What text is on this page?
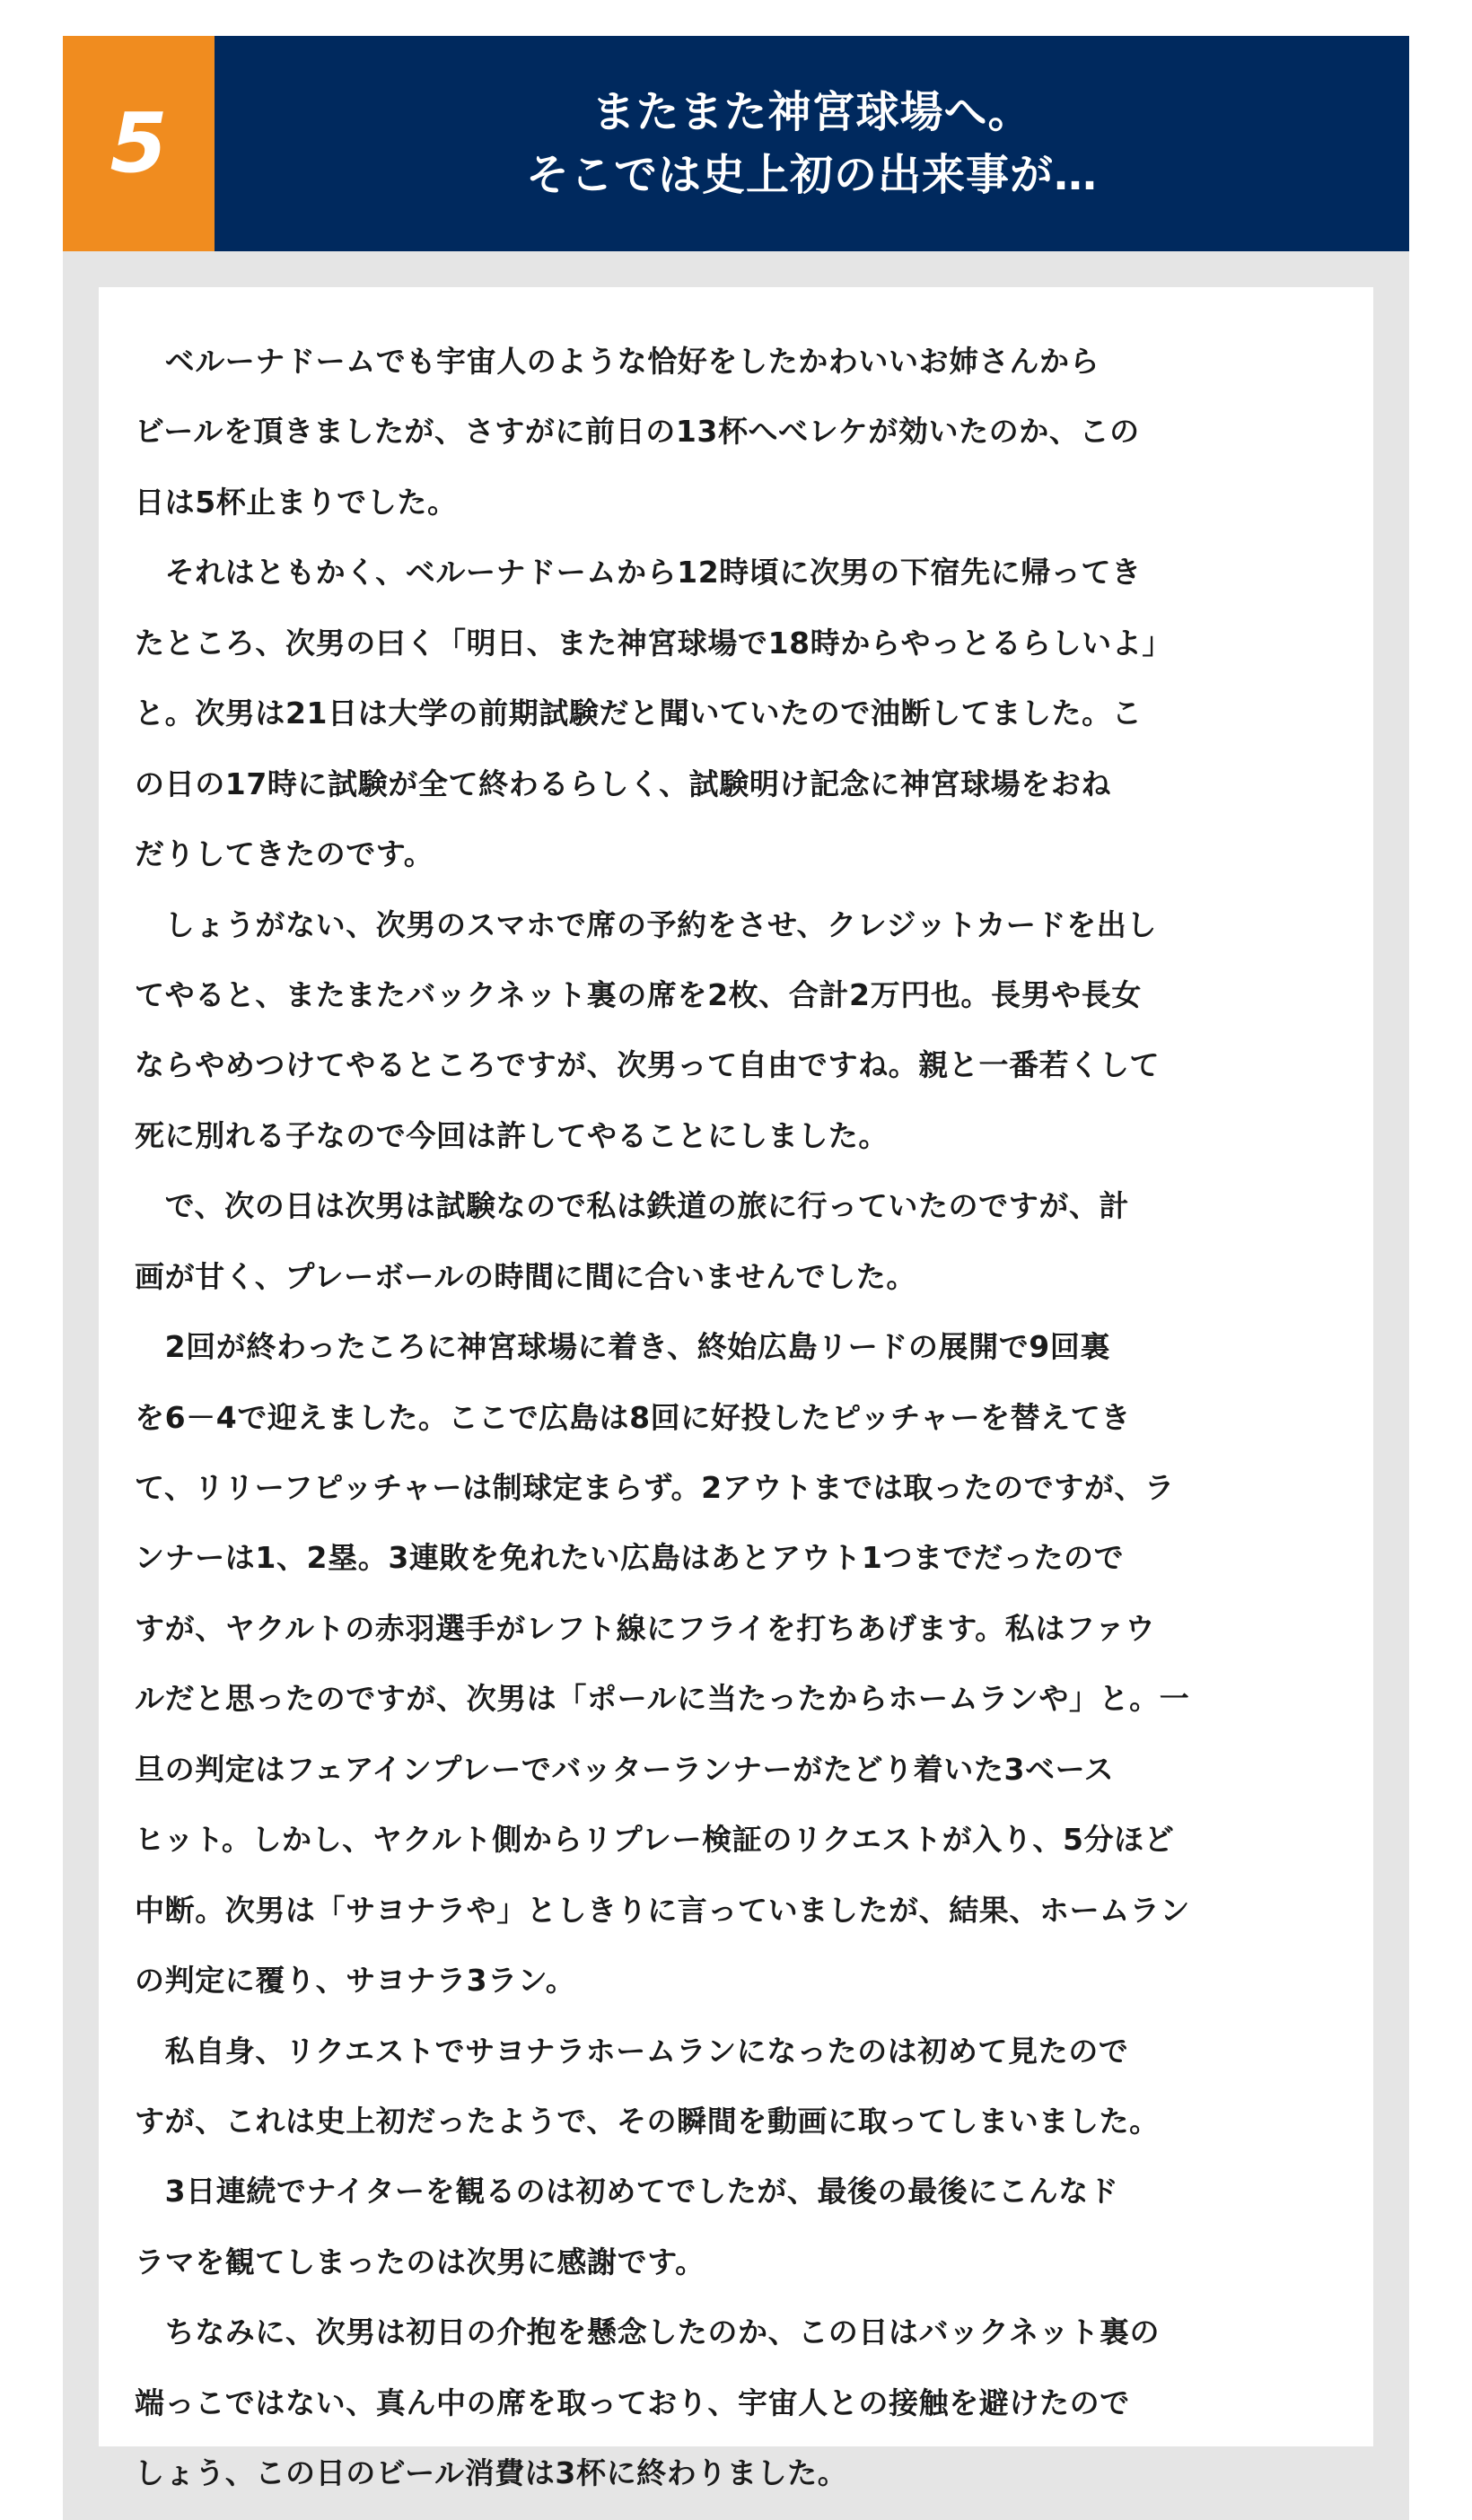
5	またまた神宮球場へ。
そこでは史上初の出来事が…
　ベルーナドームでも宇宙人のような恰好をしたかわいいお姉さんから
ビールを頂きましたが、さすがに前日の13杯へべレケが効いたのか、この
日は5杯止まりでした。
　それはともかく、ベルーナドームから12時頃に次男の下宿先に帰ってき
たところ、次男の曰く「明日、また神宮球場で18時からやっとるらしいよ」
と。次男は21日は大学の前期試験だと聞いていたので油断してました。こ
の日の17時に試験が全て終わるらしく、試験明け記念に神宮球場をおね
だりしてきたのです。
　しょうがない、次男のスマホで席の予約をさせ、クレジットカードを出し
てやると、またまたバックネット裏の席を2枚、合計2万円也。長男や長女
ならやめつけてやるところですが、次男って自由ですね。親と一番若くして
死に別れる子なので今回は許してやることにしました。
　で、次の日は次男は試験なので私は鉄道の旅に行っていたのですが、計
画が甘く、プレーボールの時間に間に合いませんでした。
　2回が終わったころに神宮球場に着き、終始広島リードの展開で9回裏
を6－4で迎えました。ここで広島は8回に好投したピッチャーを替えてき
て、リリーフピッチャーは制球定まらず。2アウトまでは取ったのですが、ラ
ンナーは1、2塁。3連敗を免れたい広島はあとアウト1つまでだったので
すが、ヤクルトの赤羽選手がレフト線にフライを打ちあげます。私はファウ
ルだと思ったのですが、次男は「ポールに当たったからホームランや」と。一
旦の判定はフェアインプレーでバッターランナーがたどり着いた3ベース
ヒット。しかし、ヤクルト側からリプレー検証のリクエストが入り、5分ほど
中断。次男は「サヨナラや」としきりに言っていましたが、結果、ホームラン
の判定に覆り、サヨナラ3ラン。
　私自身、リクエストでサヨナラホームランになったのは初めて見たので
すが、これは史上初だったようで、その瞬間を動画に取ってしまいました。
　3日連続でナイターを観るのは初めてでしたが、最後の最後にこんなド
ラマを観てしまったのは次男に感謝です。
　ちなみに、次男は初日の介抱を懸念したのか、この日はバックネット裏の
端っこではない、真ん中の席を取っており、宇宙人との接触を避けたので
しょう、この日のビール消費は3杯に終わりました。
